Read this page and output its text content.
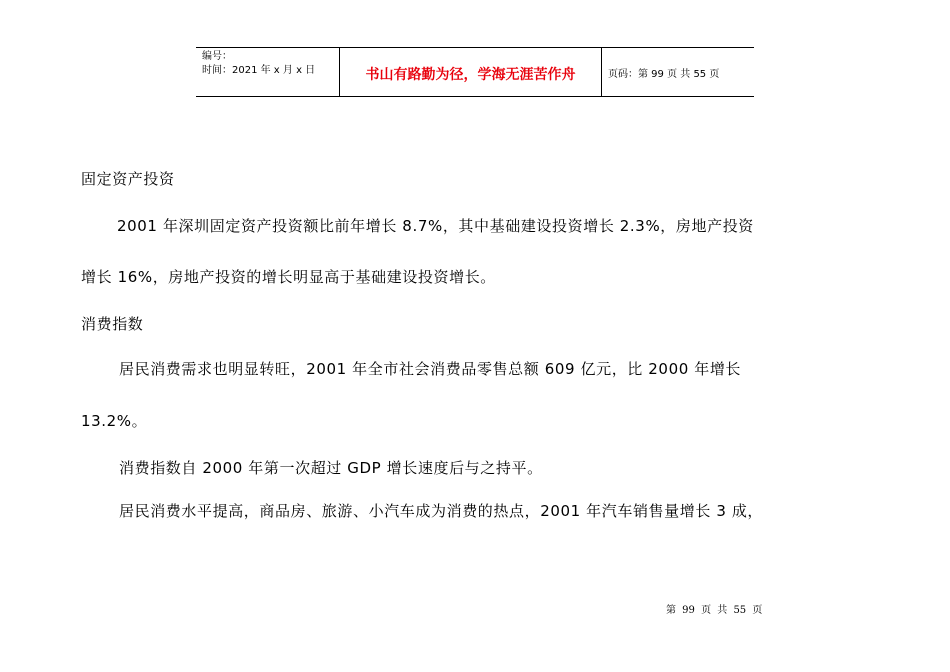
编号：
时间：2021 年 x 月 x 日	书山有路勤为径，学海无涯苦作舟	页码：第 99 页 共 55 页
固定资产投资
2001 年深圳固定资产投资额比前年增长 8.7%，其中基础建设投资增长 2.3%，房地产投资
增长 16%，房地产投资的增长明显高于基础建设投资增长。
消费指数
居民消费需求也明显转旺，2001 年全市社会消费品零售总额 609 亿元，比 2000 年增长
13.2%。
消费指数自 2000 年第一次超过 GDP 增长速度后与之持平。
居民消费水平提高，商品房、旅游、小汽车成为消费的热点，2001 年汽车销售量增长 3 成，
第 99 页 共 55 页
